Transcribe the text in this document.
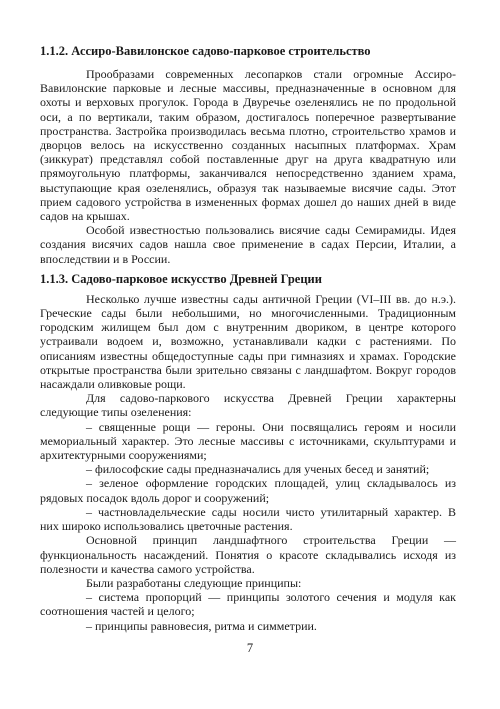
1.1.2. Ассиро-Вавилонское садово-парковое строительство

Прообразами современных лесопарков стали огромные Ассиро-Вавилонские парковые и лесные массивы, предназначенные в основном для охоты и верховых прогулок. Города в Двуречье озеленялись не по продольной оси, а по вертикали, таким образом, достигалось поперечное развертывание пространства. Застройка производилась весьма плотно, строительство храмов и дворцов велось на искусственно созданных насыпных платформах. Храм (зиккурат) представлял собой поставленные друг на друга квадратную или прямоугольную платформы, заканчивался непосредственно зданием храма, выступающие края озеленялись, образуя так называемые висячие сады. Этот прием садового устройства в измененных формах дошел до наших дней в виде садов на крышах.

Особой известностью пользовались висячие сады Семирамиды. Идея создания висячих садов нашла свое применение в садах Персии, Италии, а впоследствии и в России.

1.1.3. Садово-парковое искусство Древней Греции

Несколько лучше известны сады античной Греции (VI–III вв. до н.э.). Греческие сады были небольшими, но многочисленными. Традиционным городским жилищем был дом с внутренним двориком, в центре которого устраивали водоем и, возможно, устанавливали кадки с растениями. По описаниям известны общедоступные сады при гимназиях и храмах. Городские открытые пространства были зрительно связаны с ландшафтом. Вокруг городов насаждали оливковые рощи.

Для садово-паркового искусства Древней Греции характерны следующие типы озеленения:

– священные рощи — героны. Они посвящались героям и носили мемориальный характер. Это лесные массивы с источниками, скульптурами и архитектурными сооружениями;

– философские сады предназначались для ученых бесед и занятий;

– зеленое оформление городских площадей, улиц складывалось из рядовых посадок вдоль дорог и сооружений;

– частновладельческие сады носили чисто утилитарный характер. В них широко использовались цветочные растения.

Основной принцип ландшафтного строительства Греции — функциональность насаждений. Понятия о красоте складывались исходя из полезности и качества самого устройства.

Были разработаны следующие принципы:

– система пропорций — принципы золотого сечения и модуля как соотношения частей и целого;

– принципы равновесия, ритма и симметрии.

7
